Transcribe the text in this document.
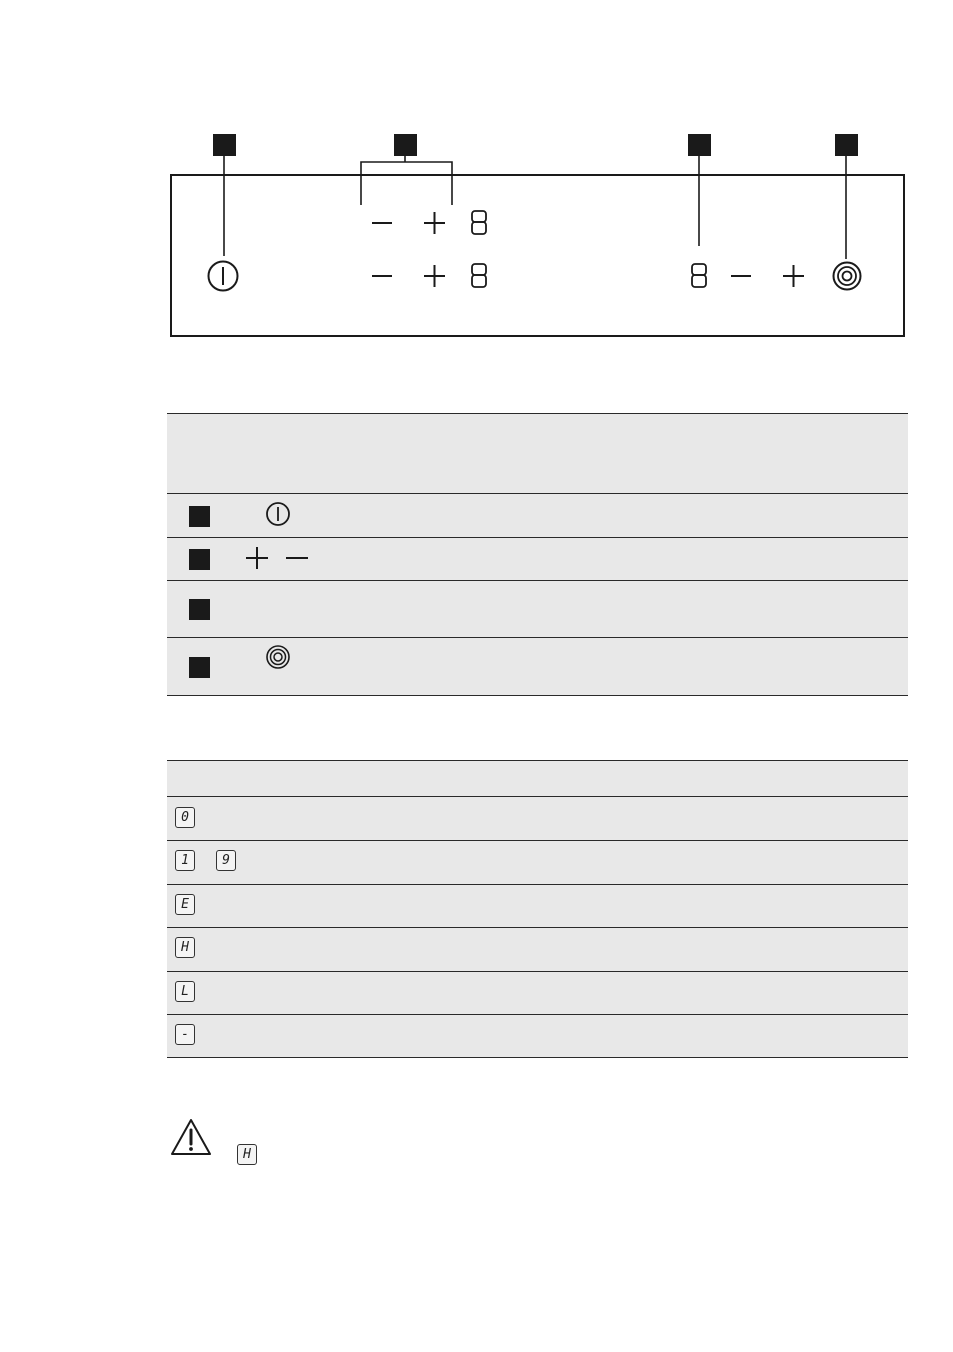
0
1	9
E
H
L
-
H
